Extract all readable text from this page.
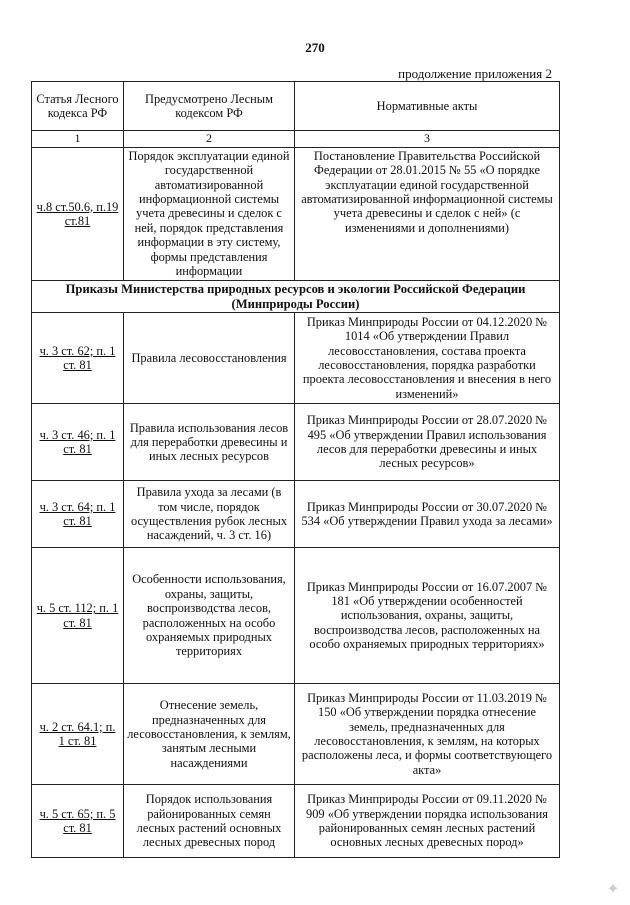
270
продолжение приложения 2
Статья Лесного кодекса РФ	Предусмотрено Лесным кодексом РФ	Нормативные акты
1	2	3
ч.8 ст.50.6, п.19 ст.81	Порядок эксплуатации единой государственной автоматизированной информационной системы учета древесины и сделок с ней, порядок представления информации в эту систему, формы представления информации	Постановление Правительства Российской Федерации от 28.01.2015 № 55 «О порядке эксплуатации единой государственной автоматизированной информационной системы учета древесины и сделок с ней» (с изменениями и дополнениями)
Приказы Министерства природных ресурсов и экологии Российской Федерации (Минприроды России)		
ч. 3 ст. 62; п. 1 ст. 81	Правила лесовосстановления	Приказ Минприроды России от 04.12.2020 № 1014 «Об утверждении Правил лесовосстановления, состава проекта лесовосстановления, порядка разработки проекта лесовосстановления и внесения в него изменений»
ч. 3 ст. 46; п. 1 ст. 81	Правила использования лесов для переработки древесины и иных лесных ресурсов	Приказ Минприроды России от 28.07.2020 № 495 «Об утверждении Правил использования лесов для переработки древесины и иных лесных ресурсов»
ч. 3 ст. 64; п. 1 ст. 81	Правила ухода за лесами (в том числе, порядок осуществления рубок лесных насаждений, ч. 3 ст. 16)	Приказ Минприроды России от 30.07.2020 № 534 «Об утверждении Правил ухода за лесами»
ч. 5 ст. 112; п. 1 ст. 81	Особенности использования, охраны, защиты, воспроизводства лесов, расположенных на особо охраняемых природных территориях	Приказ Минприроды России от 16.07.2007 № 181 «Об утверждении особенностей использования, охраны, защиты, воспроизводства лесов, расположенных на особо охраняемых природных территориях»
ч. 2 ст. 64.1; п. 1 ст. 81	Отнесение земель, предназначенных для лесовосстановления, к землям, занятым лесными насаждениями	Приказ Минприроды России от 11.03.2019 № 150 «Об утверждении порядка отнесение земель, предназначенных для лесовосстановления, к землям, на которых расположены леса, и формы соответствующего акта»
ч. 5 ст. 65; п. 5 ст. 81	Порядок использования районированных семян лесных растений основных лесных древесных пород	Приказ Минприроды России от 09.11.2020 № 909 «Об утверждении порядка использования районированных семян лесных растений основных лесных древесных пород»
✦
